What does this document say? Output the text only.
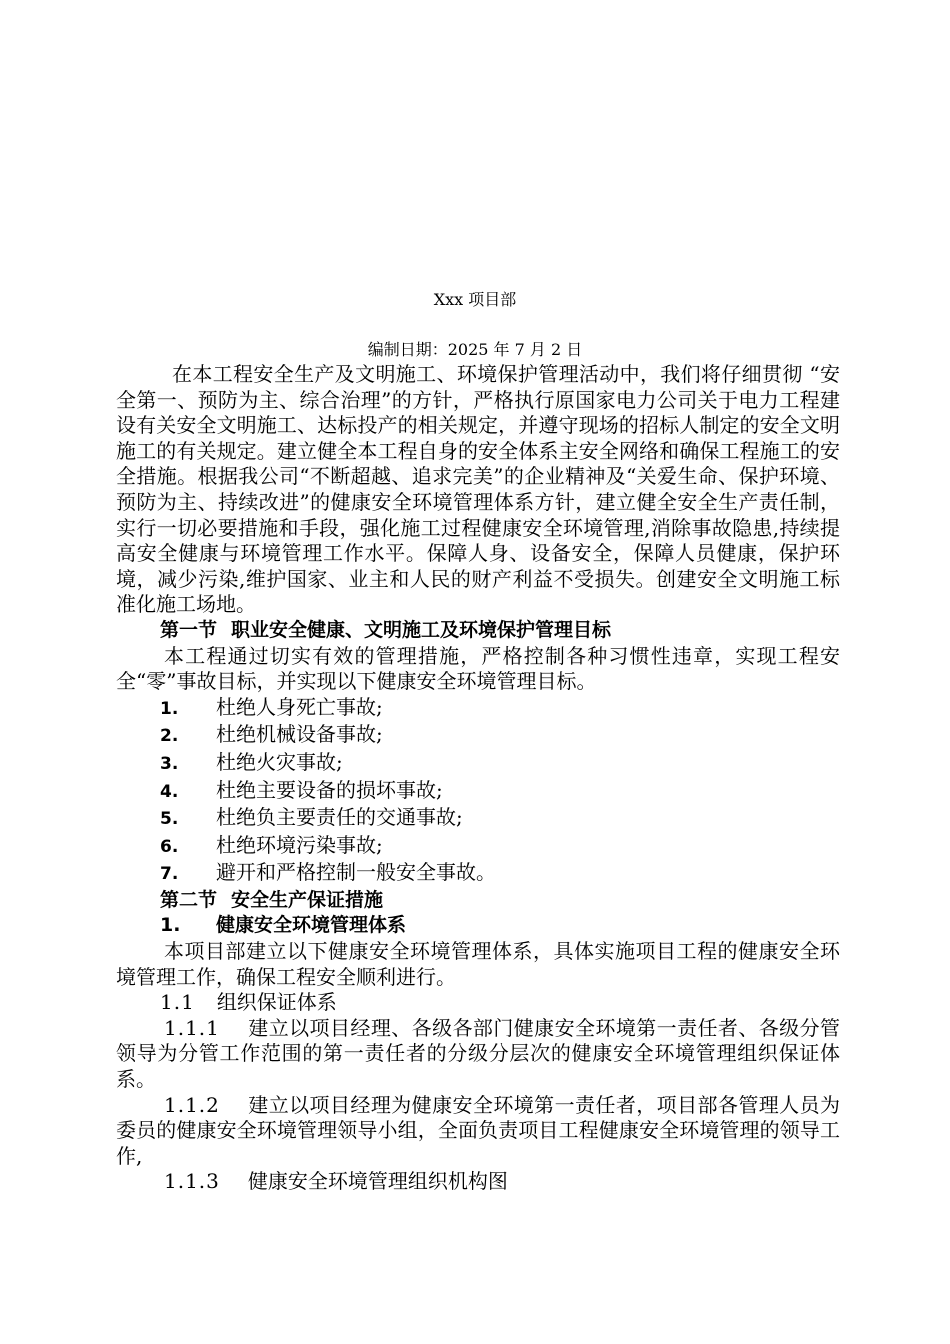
Xxx 项目部
编制日期：2025 年 7 月 2 日

在本工程安全生产及文明施工、环境保护管理活动中，我们将仔细贯彻 “安全第一、预防为主、综合治理”的方针，严格执行原国家电力公司关于电力工程建设有关安全文明施工、达标投产的相关规定，并遵守现场的招标人制定的安全文明施工的有关规定。建立健全本工程自身的安全体系主安全网络和确保工程施工的安全措施。根据我公司“不断超越、追求完美”的企业精神及“关爱生命、保护环境、预防为主、持续改进”的健康安全环境管理体系方针，建立健全安全生产责任制，实行一切必要措施和手段，强化施工过程健康安全环境管理,消除事故隐患,持续提高安全健康与环境管理工作水平。保障人身、设备安全，保障人员健康，保护环境，减少污染,维护国家、业主和人民的财产利益不受损失。创建安全文明施工标准化施工场地。

第一节 职业安全健康、文明施工及环境保护管理目标

本工程通过切实有效的管理措施，严格控制各种习惯性违章，实现工程安全“零”事故目标，并实现以下健康安全环境管理目标。

1. 杜绝人身死亡事故;

2. 杜绝机械设备事故;

3. 杜绝火灾事故;

4. 杜绝主要设备的损坏事故;

5. 杜绝负主要责任的交通事故;

6. 杜绝环境污染事故;

7. 避开和严格控制一般安全事故。

第二节 安全生产保证措施

1. 健康安全环境管理体系

本项目部建立以下健康安全环境管理体系，具体实施项目工程的健康安全环境管理工作，确保工程安全顺利进行。

1.1 组织保证体系

1.1.1 建立以项目经理、各级各部门健康安全环境第一责任者、各级分管领导为分管工作范围的第一责任者的分级分层次的健康安全环境管理组织保证体系。

1.1.2 建立以项目经理为健康安全环境第一责任者，项目部各管理人员为委员的健康安全环境管理领导小组，全面负责项目工程健康安全环境管理的领导工作,

1.1.3 健康安全环境管理组织机构图
